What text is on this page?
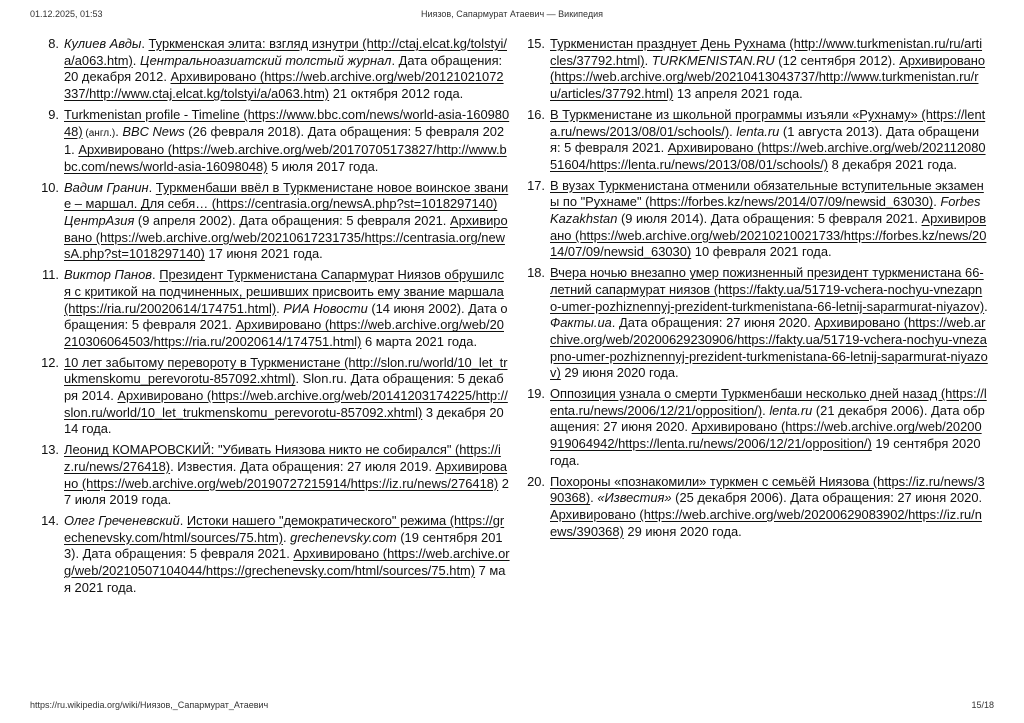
01.12.2025, 01:53	Ниязов, Сапармурат Атаевич — Википедия
8. Кулиев Авды. Туркменская элита: взгляд изнутри (http://ctaj.elcat.kg/tolstyi/a/a063.htm). Центральноазиатский толстый журнал. Дата обращения: 20 декабря 2012. Архивировано (https://web.archive.org/web/20121021072337/http://www.ctaj.elcat.kg/tolstyi/a/a063.htm) 21 октября 2012 года.
9. Turkmenistan profile - Timeline (https://www.bbc.com/news/world-asia-16098048) (англ.). BBC News (26 февраля 2018). Дата обращения: 5 февраля 2021. Архивировано (https://web.archive.org/web/20170705173827/http://www.bbc.com/news/world-asia-16098048) 5 июля 2017 года.
10. Вадим Гранин. Туркменбаши ввёл в Туркменистане новое воинское звание – маршал. Для себя… (https://centrasia.org/newsA.php?st=1018297140) ЦентрАзия (9 апреля 2002). Дата обращения: 5 февраля 2021. Архивировано (https://web.archive.org/web/20210617231735/https://centrasia.org/newsA.php?st=1018297140) 17 июня 2021 года.
11. Виктор Панов. Президент Туркменистана Сапармурат Ниязов обрушился с критикой на подчиненных, решивших присвоить ему звание маршала (https://ria.ru/20020614/174751.html). РИА Новости (14 июня 2002). Дата обращения: 5 февраля 2021. Архивировано (https://web.archive.org/web/20210306064503/https://ria.ru/20020614/174751.html) 6 марта 2021 года.
12. 10 лет забытому перевороту в Туркменистане (http://slon.ru/world/10_let_trukmenskomu_perevorotu-857092.xhtml). Slon.ru. Дата обращения: 5 декабря 2014. Архивировано (https://web.archive.org/web/20141203174225/http://slon.ru/world/10_let_trukmenskomu_perevorotu-857092.xhtml) 3 декабря 2014 года.
13. Леонид КОМАРОВСКИЙ: "Убивать Ниязова никто не собирался" (https://iz.ru/news/276418). Известия. Дата обращения: 27 июля 2019. Архивировано (https://web.archive.org/web/20190727215914/https://iz.ru/news/276418) 27 июля 2019 года.
14. Олег Греченевский. Истоки нашего "демократического" режима (https://grechenevsky.com/html/sources/75.htm). grechenevsky.com (19 сентября 2013). Дата обращения: 5 февраля 2021. Архивировано (https://web.archive.org/web/20210507104044/https://grechenevsky.com/html/sources/75.htm) 7 мая 2021 года.
15. Туркменистан празднует День Рухнама (http://www.turkmenistan.ru/ru/articles/37792.html). TURKMENISTAN.RU (12 сентября 2012). Архивировано (https://web.archive.org/web/20210413043737/http://www.turkmenistan.ru/ru/articles/37792.html) 13 апреля 2021 года.
16. В Туркменистане из школьной программы изъяли «Рухнаму» (https://lenta.ru/news/2013/08/01/schools/). lenta.ru (1 августа 2013). Дата обращения: 5 февраля 2021. Архивировано (https://web.archive.org/web/20211208051604/https://lenta.ru/news/2013/08/01/schools/) 8 декабря 2021 года.
17. В вузах Туркменистана отменили обязательные вступительные экзамены по "Рухнаме" (https://forbes.kz/news/2014/07/09/newsid_63030). Forbes Kazakhstan (9 июля 2014). Дата обращения: 5 февраля 2021. Архивировано (https://web.archive.org/web/20210210021733/https://forbes.kz/news/2014/07/09/newsid_63030) 10 февраля 2021 года.
18. Вчера ночью внезапно умер пожизненный президент туркменистана 66-летний сапармурат ниязов (https://fakty.ua/51719-vchera-nochyu-vnezapno-umer-pozhiznennyj-prezident-turkmenistana-66-letnij-saparmurat-niyazov). Факты.ua. Дата обращения: 27 июня 2020. Архивировано (https://web.archive.org/web/20200629230906/https://fakty.ua/51719-vchera-nochyu-vnezapno-umer-pozhiznennyj-prezident-turkmenistana-66-letnij-saparmurat-niyazov) 29 июня 2020 года.
19. Оппозиция узнала о смерти Туркменбаши несколько дней назад (https://lenta.ru/news/2006/12/21/opposition/). lenta.ru (21 декабря 2006). Дата обращения: 27 июня 2020. Архивировано (https://web.archive.org/web/20200919064942/https://lenta.ru/news/2006/12/21/opposition/) 19 сентября 2020 года.
20. Похороны «познакомили» туркмен с семьёй Ниязова (https://iz.ru/news/390368). «Известия» (25 декабря 2006). Дата обращения: 27 июня 2020. Архивировано (https://web.archive.org/web/20200629083902/https://iz.ru/news/390368) 29 июня 2020 года.
https://ru.wikipedia.org/wiki/Ниязов,_Сапармурат_Атаевич	15/18
